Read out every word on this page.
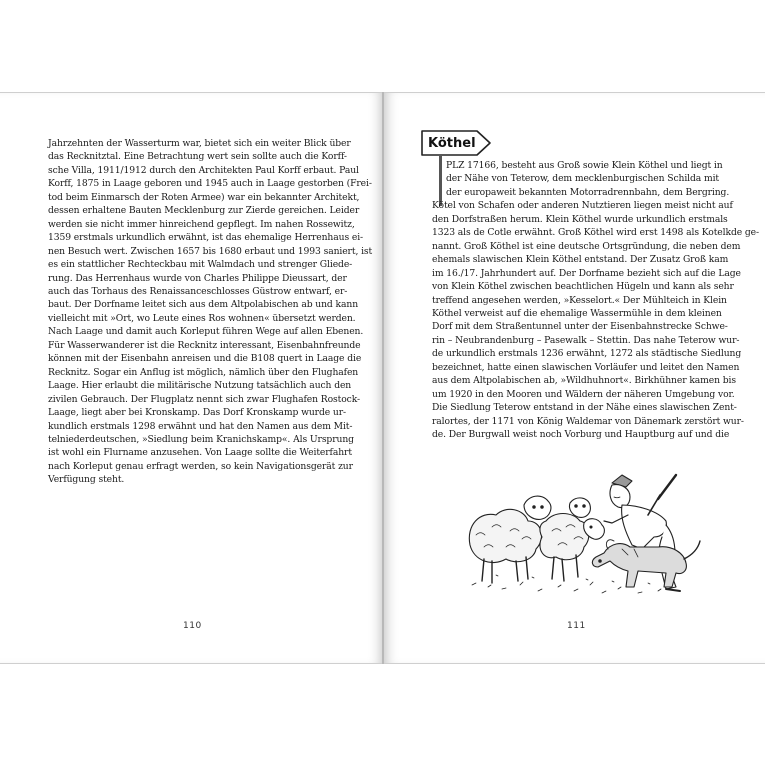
Jahrzehnten der Wasserturm war, bietet sich ein weiter Blick über
das Recknitztal. Eine Betrachtung wert sein sollte auch die Korff-
sche Villa, 1911/1912 durch den Architekten Paul Korff erbaut. Paul
Korff, 1875 in Laage geboren und 1945 auch in Laage gestorben (Frei-
tod beim Einmarsch der Roten Armee) war ein bekannter Architekt,
dessen erhaltene Bauten Mecklenburg zur Zierde gereichen. Leider
werden sie nicht immer hinreichend gepflegt. Im nahen Rossewitz,
1359 erstmals urkundlich erwähnt, ist das ehemalige Herrenhaus ei-
nen Besuch wert. Zwischen 1657 bis 1680 erbaut und 1993 saniert, ist
es ein stattlicher Rechteckbau mit Walmdach und strenger Gliede-
rung. Das Herrenhaus wurde von Charles Philippe Dieussart, der
auch das Torhaus des Renaissanceschlosses Güstrow entwarf, er-
baut. Der Dorfname leitet sich aus dem Altpolabischen ab und kann
vielleicht mit »Ort, wo Leute eines Ros wohnen« übersetzt werden.
Nach Laage und damit auch Korleput führen Wege auf allen Ebenen.
Für Wasserwanderer ist die Recknitz interessant, Eisenbahnfreunde
können mit der Eisenbahn anreisen und die B108 quert in Laage die
Recknitz. Sogar ein Anflug ist möglich, nämlich über den Flughafen
Laage. Hier erlaubt die militärische Nutzung tatsächlich auch den
zivilen Gebrauch. Der Flugplatz nennt sich zwar Flughafen Rostock-
Laage, liegt aber bei Kronskamp. Das Dorf Kronskamp wurde ur-
kundlich erstmals 1298 erwähnt und hat den Namen aus dem Mit-
telniederdeutschen, »Siedlung beim Kranichskamp«. Als Ursprung
ist wohl ein Flurname anzusehen. Von Laage sollte die Weiterfahrt
nach Korleput genau erfragt werden, so kein Navigationsgerät zur
Verfügung steht.
110
Köthel
PLZ 17166, besteht aus Groß sowie Klein Köthel und liegt in
der Nähe von Teterow, dem mecklenburgischen Schilda mit
der europaweit bekannten Motorradrennbahn, dem Bergring.
Kötel von Schafen oder anderen Nutztieren liegen meist nicht auf
den Dorfstraßen herum. Klein Köthel wurde urkundlich erstmals
1323 als de Cotle erwähnt. Groß Köthel wird erst 1498 als Kotelkde ge-
nannt. Groß Köthel ist eine deutsche Ortsgründung, die neben dem
ehemals slawischen Klein Köthel entstand. Der Zusatz Groß kam
im 16./17. Jahrhundert auf. Der Dorfname bezieht sich auf die Lage
von Klein Köthel zwischen beachtlichen Hügeln und kann als sehr
treffend angesehen werden, »Kesselort.« Der Mühlteich in Klein
Köthel verweist auf die ehemalige Wassermühle in dem kleinen
Dorf mit dem Straßentunnel unter der Eisenbahnstrecke Schwe-
rin – Neubrandenburg – Pasewalk – Stettin. Das nahe Teterow wur-
de urkundlich erstmals 1236 erwähnt, 1272 als städtische Siedlung
bezeichnet, hatte einen slawischen Vorläufer und leitet den Namen
aus dem Altpolabischen ab, »Wildhuhnort«. Birkhühner kamen bis
um 1920 in den Mooren und Wäldern der näheren Umgebung vor.
Die Siedlung Teterow entstand in der Nähe eines slawischen Zent-
ralortes, der 1171 von König Waldemar von Dänemark zerstört wur-
de. Der Burgwall weist noch Vorburg und Hauptburg auf und die
111
